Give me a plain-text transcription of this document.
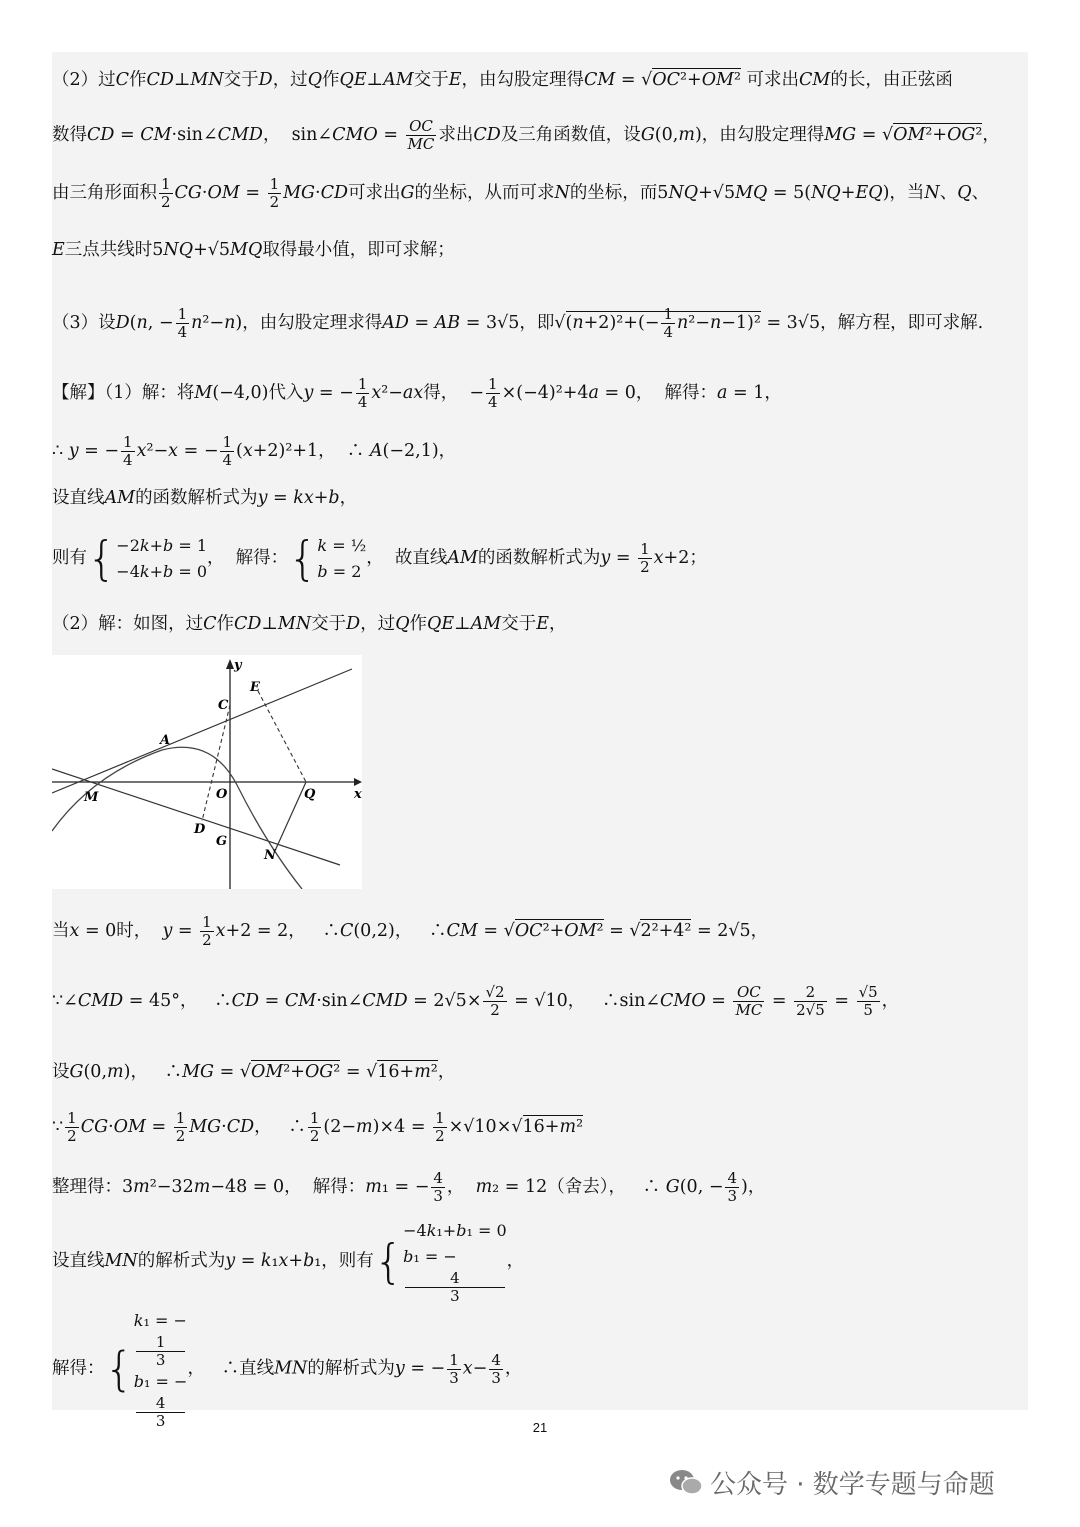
（2）过C作CD⊥MN交于D，过Q作QE⊥AM交于E，由勾股定理得CM = √OC²+OM² 可求出CM的长，由正弦函
数得CD = CM·sin∠CMD，  sin∠CMO = $\frac{OC}{MC}$ 求出CD及三角函数值，设G(0,m)，由勾股定理得MG = √OM²+OG²，
由三角形面积 $\frac{1}{2} CG\cdot OM = \frac{1}{2} MG\cdot CD$可求出G的坐标，从而可求N的坐标，而5NQ+√5MQ = 5(NQ+EQ)，当N、Q、
E三点共线时5NQ+√5MQ取得最小值，即可求解；
（3）设D(n, − $\frac{1}{4} n^2-n$)，由勾股定理求得AD = AB = 3√5，即$√(n+2)^2+(- \frac{1}{4} n^2-n-1)^2 = 3√5$，解方程，即可求解.
【解】（1）解：将M(−4,0)代入y = − $\frac{1}{4} x^2-ax$得，  − $\frac{1}{4} \times(-4)^2+4a = 0$，  解得：a = 1，
∴ y = − $\frac{1}{4} x^2-x$ = − $\frac{1}{4} (x+2)^2+1$，  ∴ A(−2,1)，
设直线AM的函数解析式为y = kx+b，
则有{ −2k+b = 1
−4k+b = 0
，  解得：{ k = ½
b = 2
，  故直线AM的函数解析式为$y = \frac{1}{2} x+2$；
（2）解：如图，过C作CD⊥MN交于D，过Q作QE⊥AM交于E，
y
x
E
C
A
M	O	Q
D
G
N
当x = 0时，  $y = \frac{1}{2} x+2 = 2$，   ∴C(0,2)，   ∴CM = √OC²+OM² = √2²+4² = 2√5，
∵∠CMD = 45°，   ∴CD = CM·sin∠CMD = $2√5\times \frac{√2}{2} = √10$，   ∴sin∠CMO = $\frac{OC}{MC} = \frac{2}{2√5} = \frac{√5}{5}$ ，
设G(0,m)，   ∴MG = √OM²+OG² = √16+m²，
∵ $\frac{1}{2} CG\cdot OM = \frac{1}{2} MG\cdot CD$，   ∴ $\frac{1}{2} (2-m)\times 4 = \frac{1}{2} \times√10\times√16+m^2$
整理得：3m²−32m−48 = 0，  解得：m₁ = − $\frac{4}{3}$ ，  m₂ = 12（舍去），   ∴ G(0, − $\frac{4}{3}$ )，
设直线MN的解析式为y = k₁x+b₁，则有{
−4k₁+b₁ = 0
b₁ = −
4
3
，
解得：{
k₁ = −
1
3
b₁ = −
4
3
，   ∴直线MN的解析式为y = − $\frac{1}{3} x- \frac{4}{3}$ ，
21
公众号 · 数学专题与命题
